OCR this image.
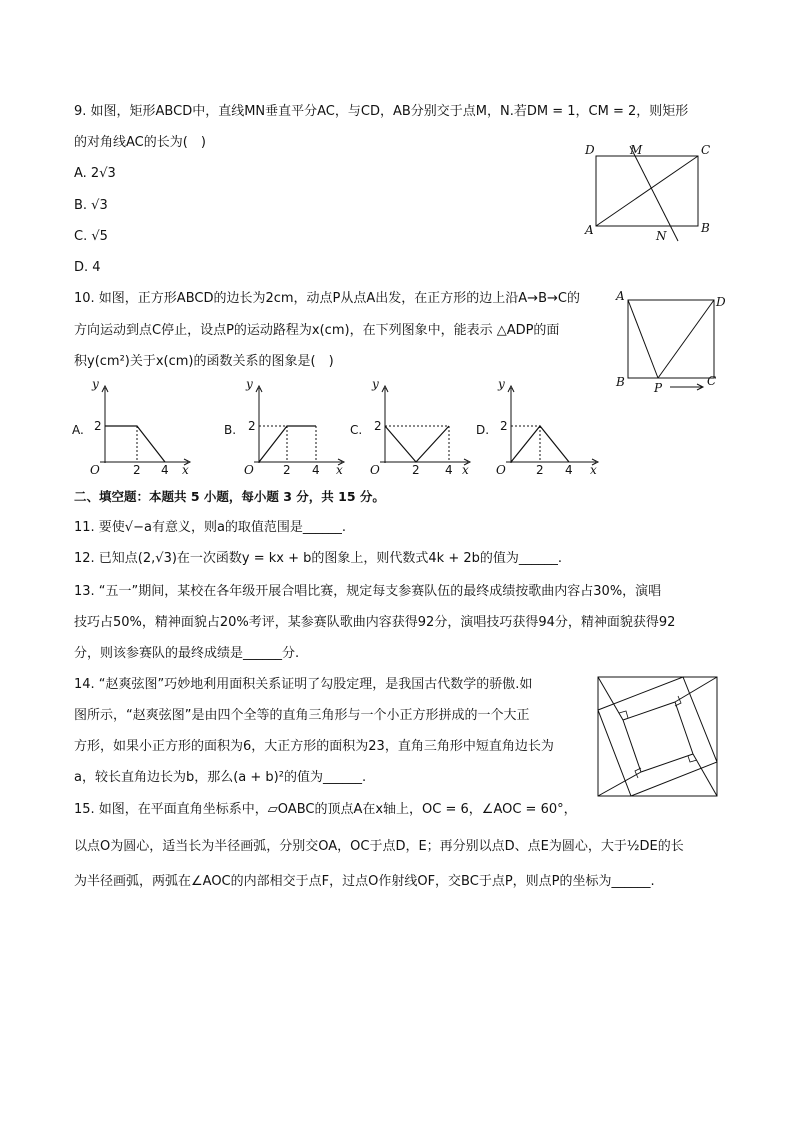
9. 如图，矩形ABCD中，直线MN垂直平分AC，与CD，AB分别交于点M，N.若DM = 1，CM = 2，则矩形
的对角线AC的长为(　)
A. 2√3
B. √3
C. √5
D. 4
D	M	C
A	N
B
10. 如图，正方形ABCD的边长为2cm，动点P从点A出发，在正方形的边上沿A→B→C的
方向运动到点C停止，设点P的运动路程为x(cm)，在下列图象中，能表示 △ADP的面
积y(cm²)关于x(cm)的函数关系的图象是(　)
A	D
B P	C
A.
y
x
O
2
2 4
B.
y
x
O
2
2 4
C.
y
x
O
2
2 4
D.
y
x
O
2
2 4
二、填空题：本题共 5 小题，每小题 3 分，共 15 分。
11. 要使√−a有意义，则a的取值范围是______.
12. 已知点(2,√3)在一次函数y = kx + b的图象上，则代数式4k + 2b的值为______.
13. “五一”期间，某校在各年级开展合唱比赛，规定每支参赛队伍的最终成绩按歌曲内容占30%，演唱
技巧占50%，精神面貌占20%考评，某参赛队歌曲内容获得92分，演唱技巧获得94分，精神面貌获得92
分，则该参赛队的最终成绩是______分.
14. “赵爽弦图”巧妙地利用面积关系证明了勾股定理，是我国古代数学的骄傲.如
图所示，“赵爽弦图”是由四个全等的直角三角形与一个小正方形拼成的一个大正
方形，如果小正方形的面积为6，大正方形的面积为23，直角三角形中短直角边长为
a，较长直角边长为b，那么(a + b)²的值为______.
15. 如图，在平面直角坐标系中，▱OABC的顶点A在x轴上，OC = 6，∠AOC = 60°，
以点O为圆心，适当长为半径画弧，分别交OA，OC于点D，E；再分别以点D、点E为圆心，大于½DE的长
为半径画弧，两弧在∠AOC的内部相交于点F，过点O作射线OF，交BC于点P，则点P的坐标为______.
